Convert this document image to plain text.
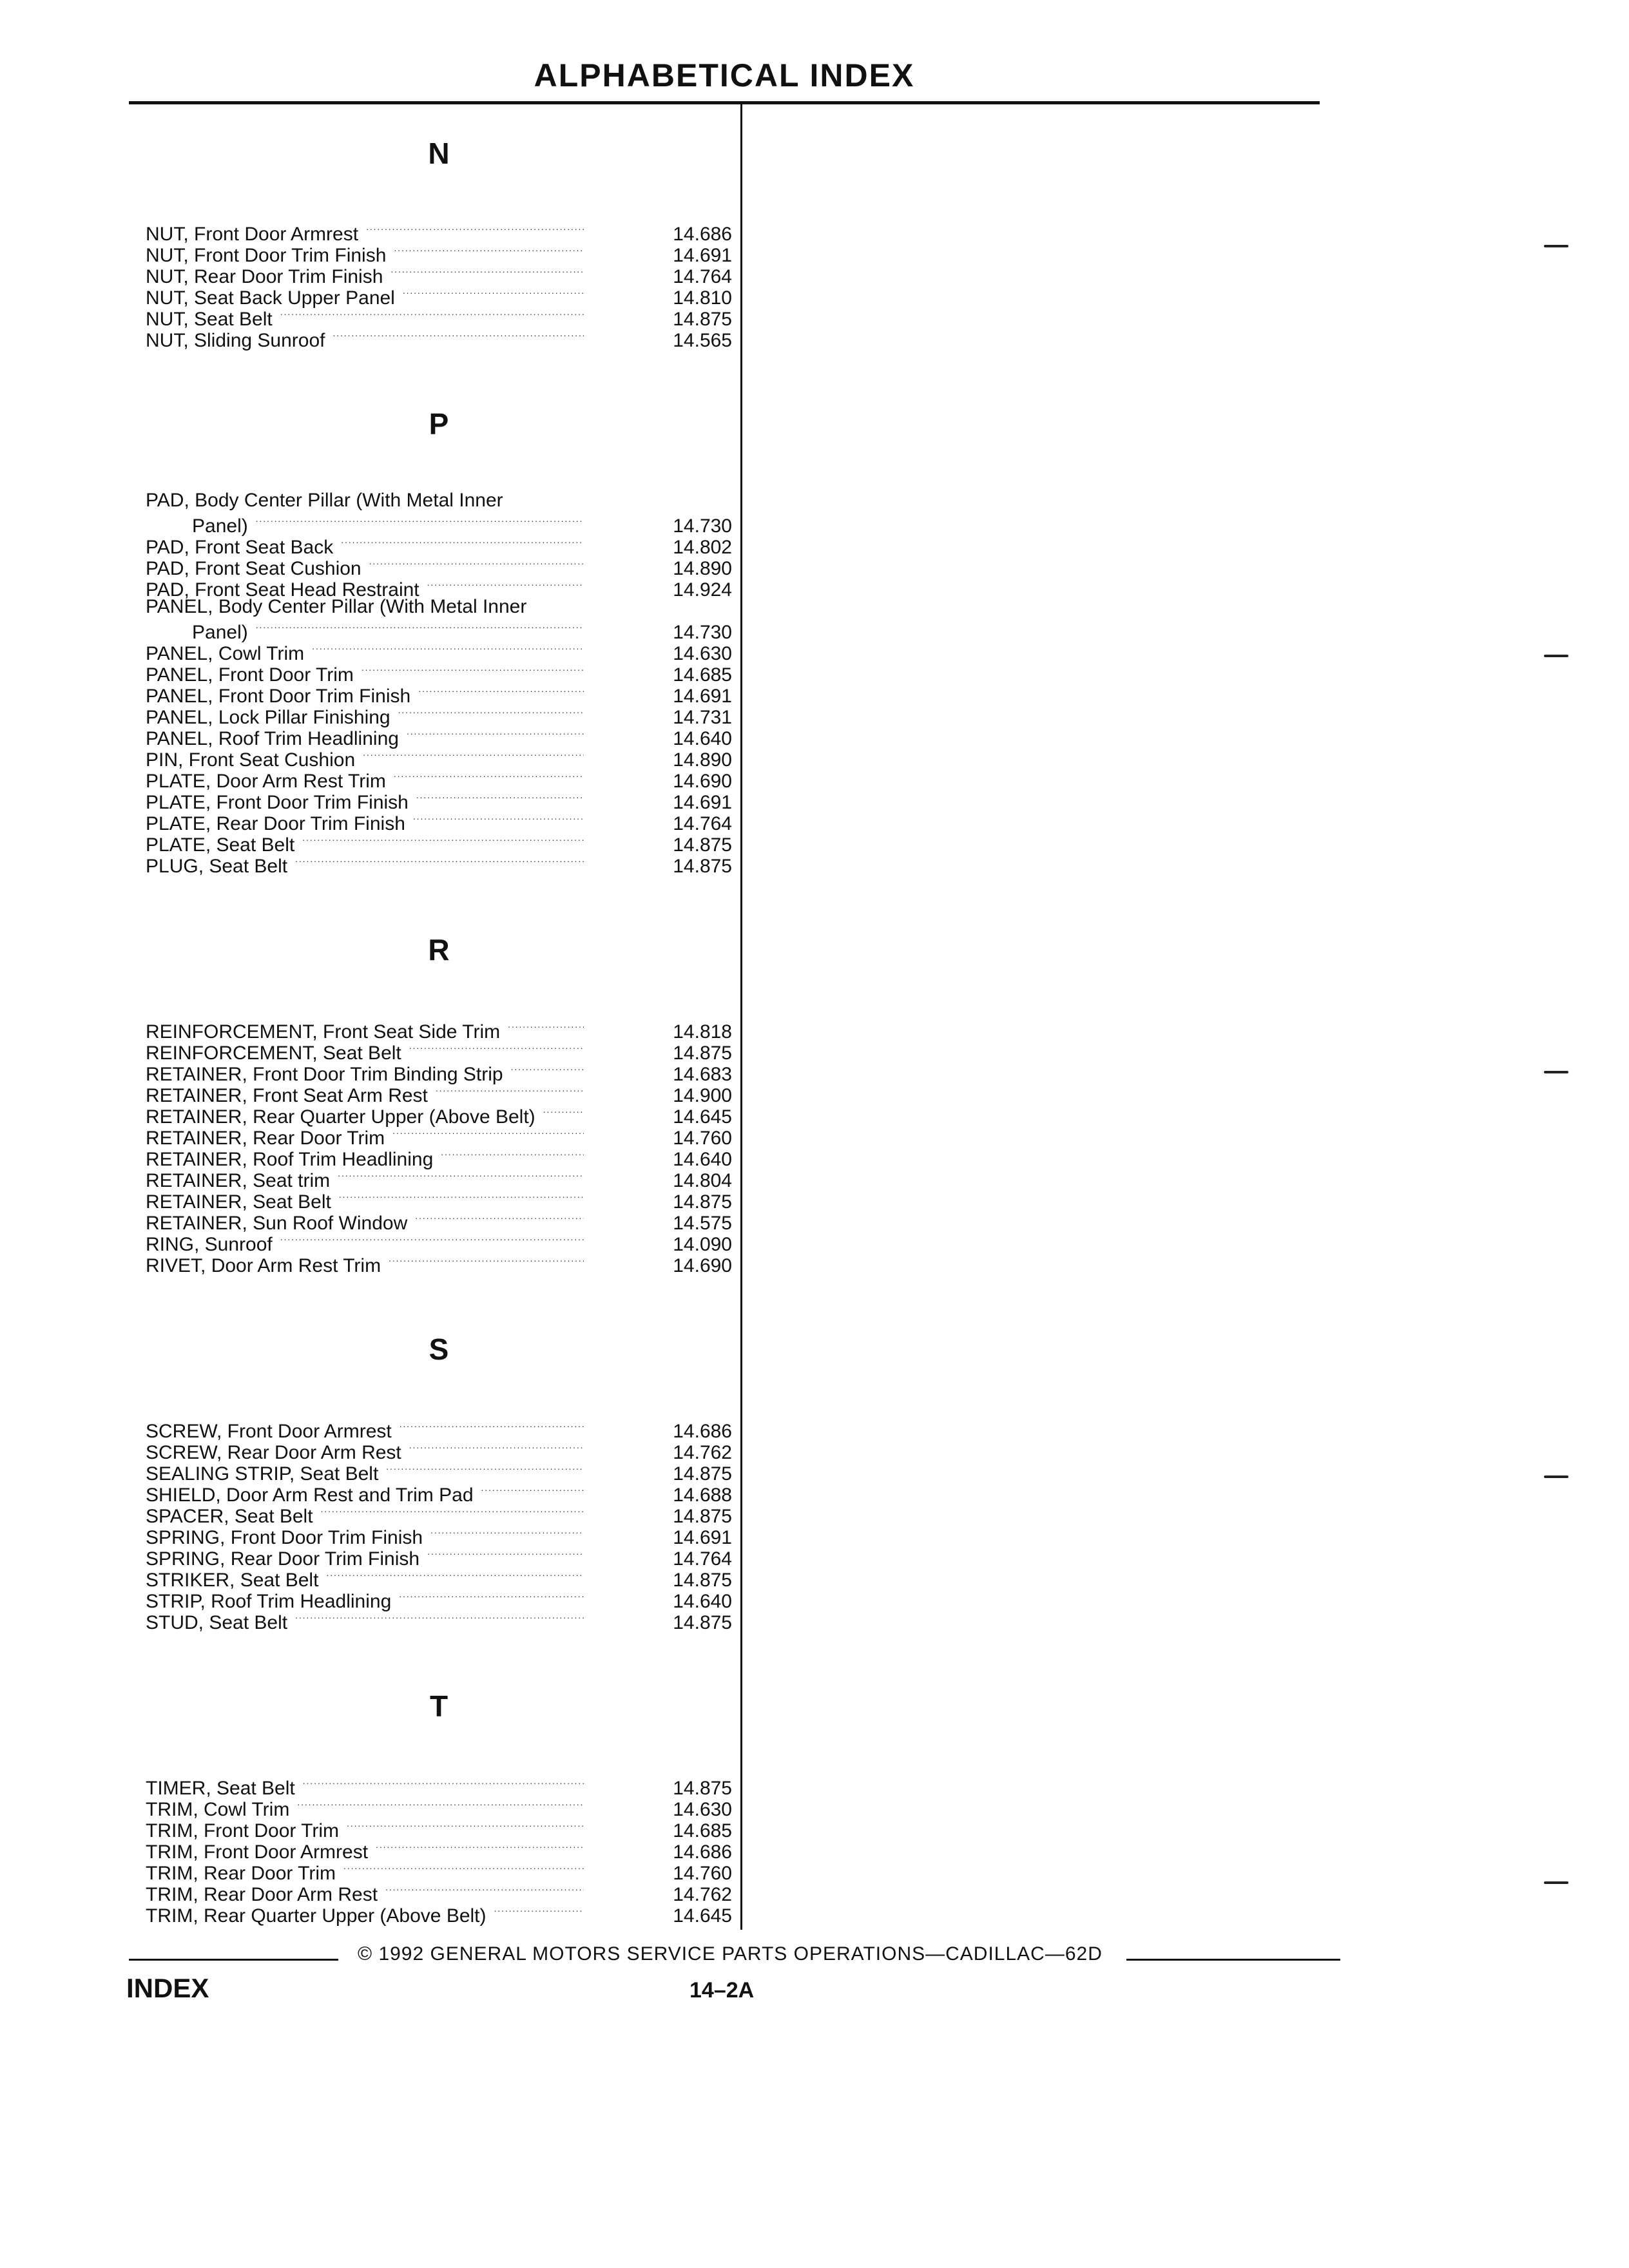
ALPHABETICAL INDEX
N
NUT, Front Door Armrest . . .	14.686
NUT, Front Door Trim Finish . . .	14.691
NUT, Rear Door Trim Finish . . .	14.764
NUT, Seat Back Upper Panel . . .	14.810
NUT, Seat Belt . . .	14.875
NUT, Sliding Sunroof . . .	14.565
P
PAD, Body Center Pillar (With Metal Inner
Panel) . . .	14.730
PAD, Front Seat Back . . .	14.802
PAD, Front Seat Cushion . . .	14.890
PAD, Front Seat Head Restraint . . .	14.924
PANEL, Body Center Pillar (With Metal Inner
Panel) . . .	14.730
PANEL, Cowl Trim . . .	14.630
PANEL, Front Door Trim . . .	14.685
PANEL, Front Door Trim Finish . . .	14.691
PANEL, Lock Pillar Finishing . . .	14.731
PANEL, Roof Trim Headlining . . .	14.640
PIN, Front Seat Cushion . . .	14.890
PLATE, Door Arm Rest Trim . . .	14.690
PLATE, Front Door Trim Finish . . .	14.691
PLATE, Rear Door Trim Finish . . .	14.764
PLATE, Seat Belt . . .	14.875
PLUG, Seat Belt . . .	14.875
R
REINFORCEMENT, Front Seat Side Trim . . .	14.818
REINFORCEMENT, Seat Belt . . .	14.875
RETAINER, Front Door Trim Binding Strip . . .	14.683
RETAINER, Front Seat Arm Rest . . .	14.900
RETAINER, Rear Quarter Upper (Above Belt) . . .	14.645
RETAINER, Rear Door Trim . . .	14.760
RETAINER, Roof Trim Headlining . . .	14.640
RETAINER, Seat trim . . .	14.804
RETAINER, Seat Belt . . .	14.875
RETAINER, Sun Roof Window . . .	14.575
RING, Sunroof . . .	14.090
RIVET, Door Arm Rest Trim . . .	14.690
S
SCREW, Front Door Armrest . . .	14.686
SCREW, Rear Door Arm Rest . . .	14.762
SEALING STRIP, Seat Belt . . .	14.875
SHIELD, Door Arm Rest and Trim Pad . . .	14.688
SPACER, Seat Belt . . .	14.875
SPRING, Front Door Trim Finish . . .	14.691
SPRING, Rear Door Trim Finish . . .	14.764
STRIKER, Seat Belt . . .	14.875
STRIP, Roof Trim Headlining . . .	14.640
STUD, Seat Belt . . .	14.875
T
TIMER, Seat Belt . . .	14.875
TRIM, Cowl Trim . . .	14.630
TRIM, Front Door Trim . . .	14.685
TRIM, Front Door Armrest . . .	14.686
TRIM, Rear Door Trim . . .	14.760
TRIM, Rear Door Arm Rest . . .	14.762
TRIM, Rear Quarter Upper (Above Belt) . . .	14.645
© 1992 GENERAL MOTORS SERVICE PARTS OPERATIONS—CADILLAC—62D
INDEX	14–2A
